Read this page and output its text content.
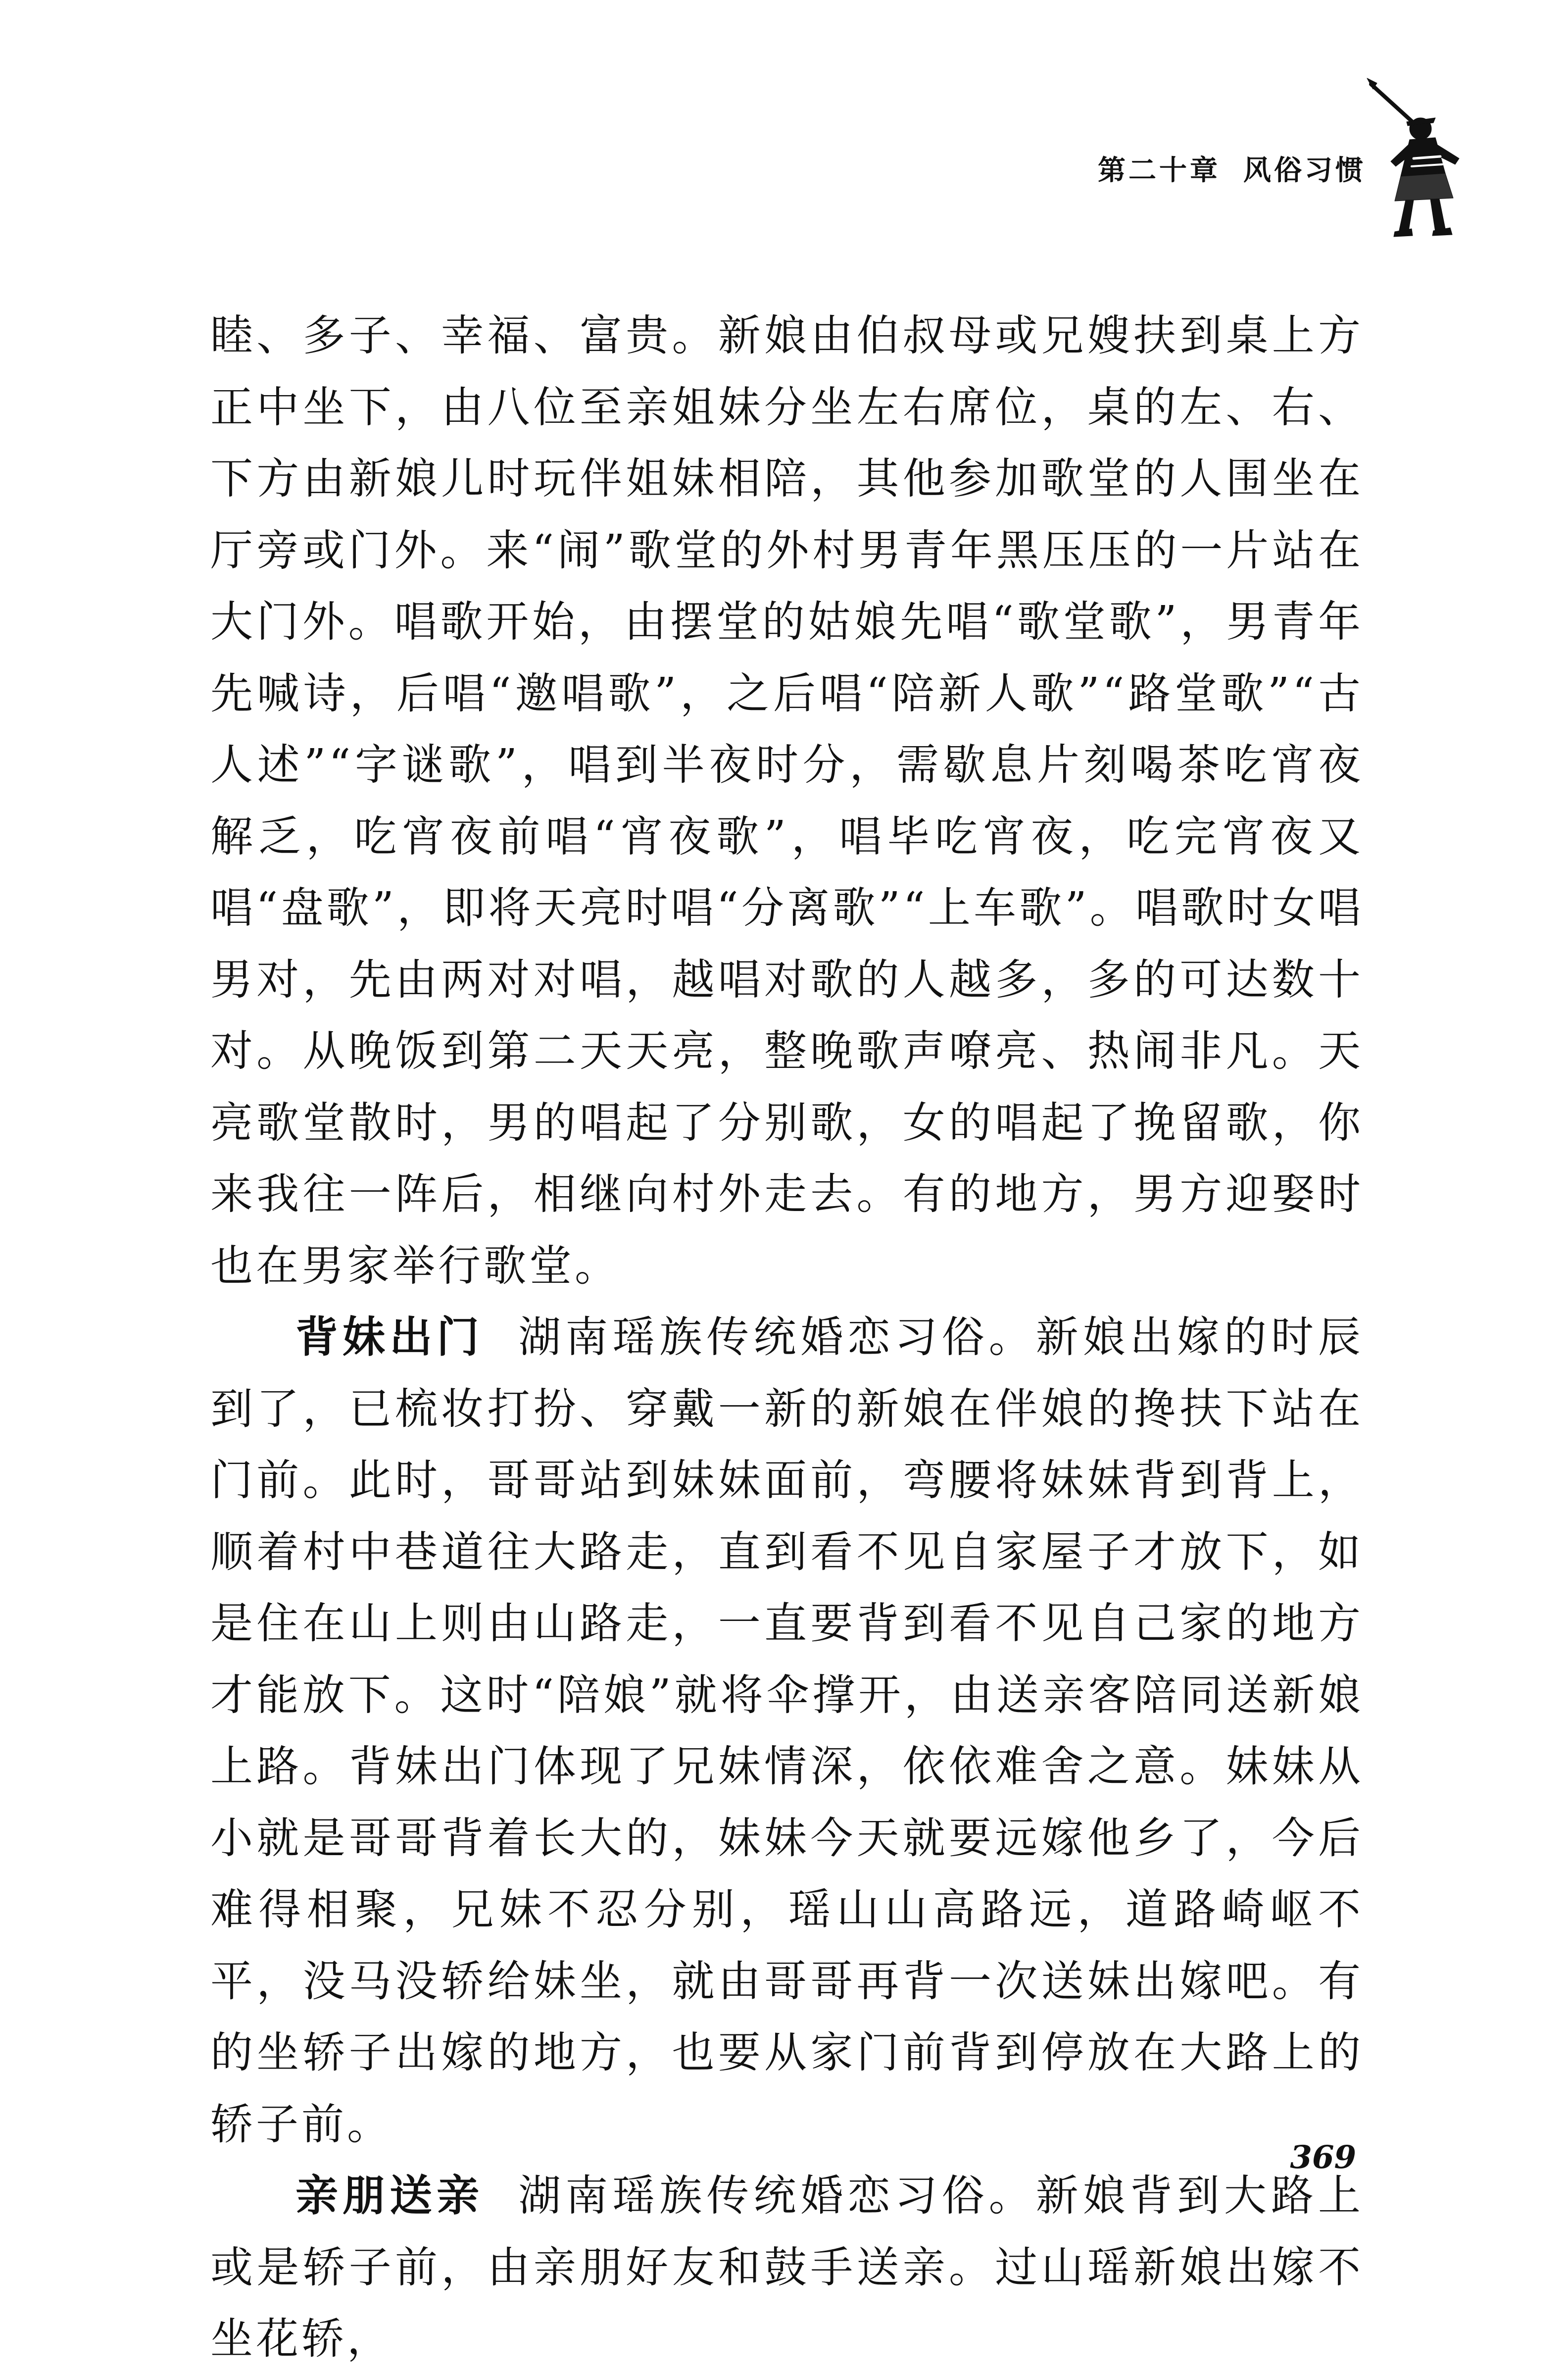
第二十章 风俗习惯

睦、多子、幸福、富贵。新娘由伯叔母或兄嫂扶到桌上方正中坐下，由八位至亲姐妹分坐左右席位，桌的左、右、下方由新娘儿时玩伴姐妹相陪，其他参加歌堂的人围坐在厅旁或门外。来“闹”歌堂的外村男青年黑压压的一片站在大门外。唱歌开始，由摆堂的姑娘先唱“歌堂歌”，男青年先喊诗，后唱“邀唱歌”，之后唱“陪新人歌”“路堂歌”“古人述”“字谜歌”，唱到半夜时分，需歇息片刻喝茶吃宵夜解乏，吃宵夜前唱“宵夜歌”，唱毕吃宵夜，吃完宵夜又唱“盘歌”，即将天亮时唱“分离歌”“上车歌”。唱歌时女唱男对，先由两对对唱，越唱对歌的人越多，多的可达数十对。从晚饭到第二天天亮，整晚歌声嘹亮、热闹非凡。天亮歌堂散时，男的唱起了分别歌，女的唱起了挽留歌，你来我往一阵后，相继向村外走去。有的地方，男方迎娶时也在男家举行歌堂。

背妹出门 湖南瑶族传统婚恋习俗。新娘出嫁的时辰到了，已梳妆打扮、穿戴一新的新娘在伴娘的搀扶下站在门前。此时，哥哥站到妹妹面前，弯腰将妹妹背到背上，顺着村中巷道往大路走，直到看不见自家屋子才放下，如是住在山上则由山路走，一直要背到看不见自己家的地方才能放下。这时“陪娘”就将伞撑开，由送亲客陪同送新娘上路。背妹出门体现了兄妹情深，依依难舍之意。妹妹从小就是哥哥背着长大的，妹妹今天就要远嫁他乡了，今后难得相聚，兄妹不忍分别，瑶山山高路远，道路崎岖不平，没马没轿给妹坐，就由哥哥再背一次送妹出嫁吧。有的坐轿子出嫁的地方，也要从家门前背到停放在大路上的轿子前。

亲朋送亲 湖南瑶族传统婚恋习俗。新娘背到大路上或是轿子前，由亲朋好友和鼓手送亲。过山瑶新娘出嫁不坐花轿，

369
